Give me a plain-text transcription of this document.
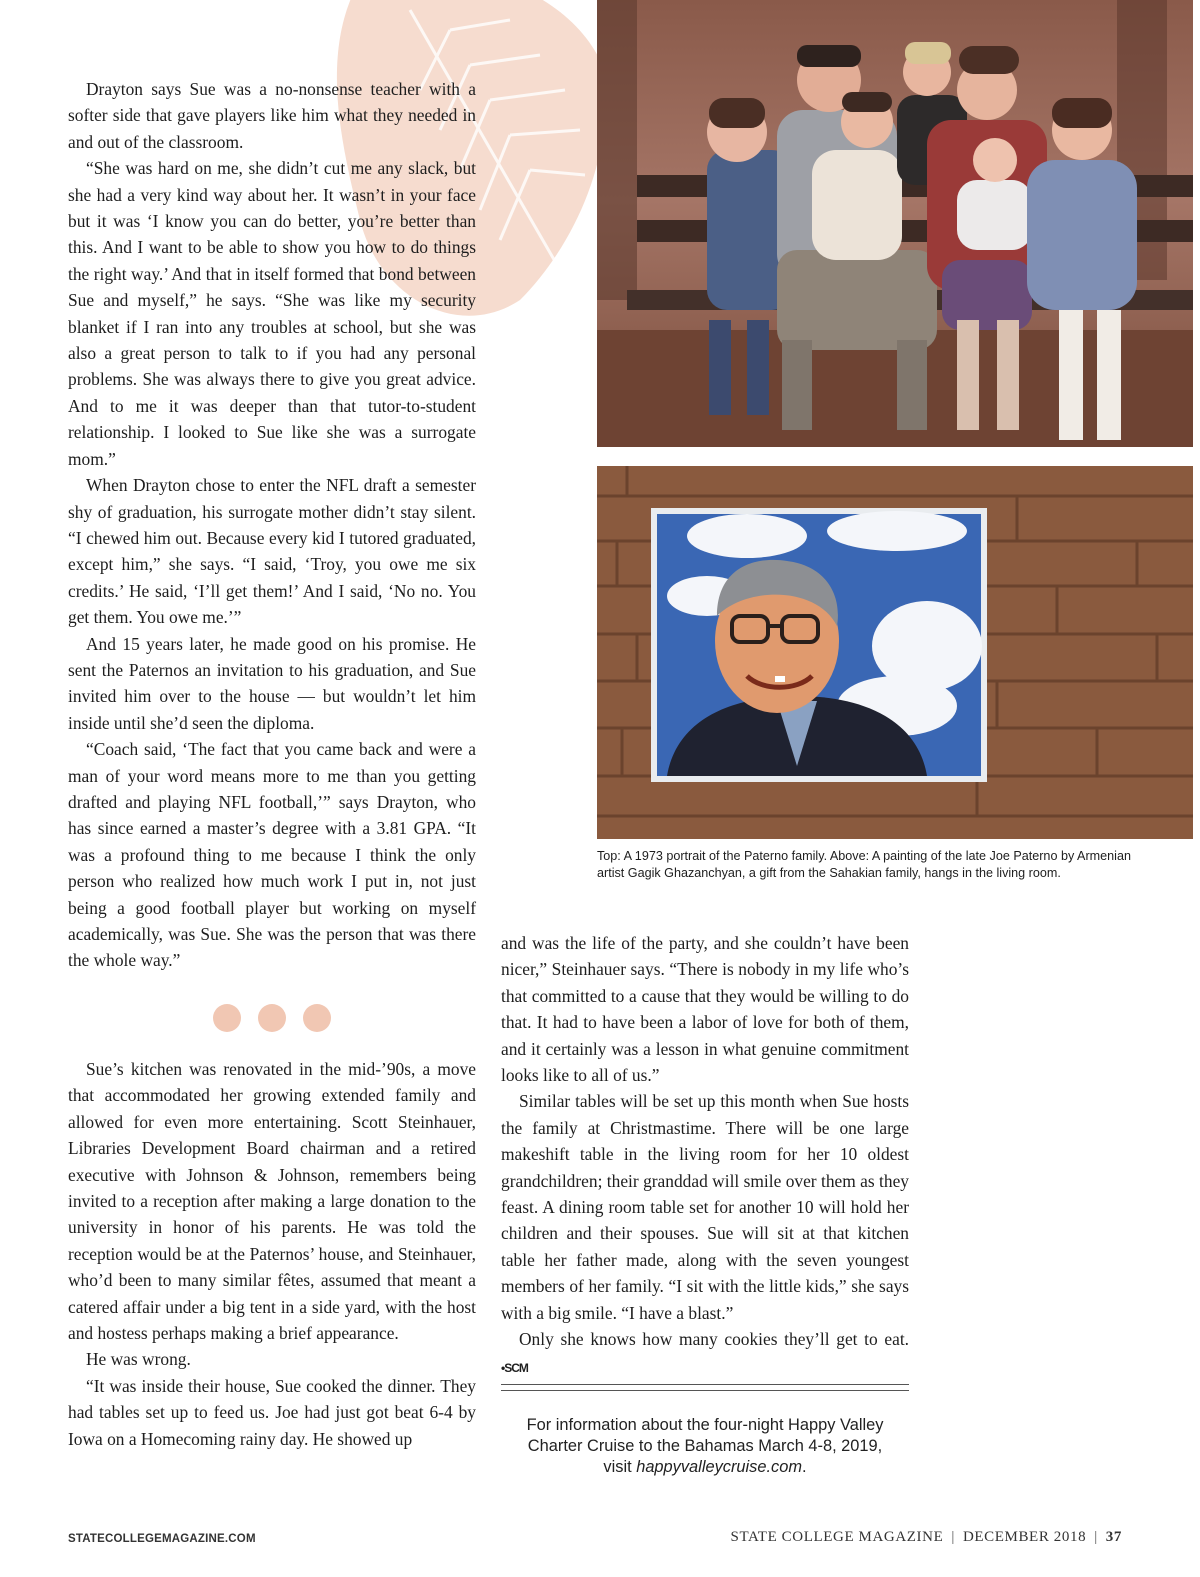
Drayton says Sue was a no-nonsense teacher with a softer side that gave players like him what they needed in and out of the classroom.

“She was hard on me, she didn’t cut me any slack, but she had a very kind way about her. It wasn’t in your face but it was ‘I know you can do better, you’re better than this. And I want to be able to show you how to do things the right way.’ And that in itself formed that bond between Sue and myself,” he says. “She was like my security blanket if I ran into any troubles at school, but she was also a great person to talk to if you had any personal problems. She was always there to give you great advice. And to me it was deeper than that tutor-to-student relationship. I looked to Sue like she was a surrogate mom.”

When Drayton chose to enter the NFL draft a semester shy of graduation, his surrogate mother didn’t stay silent. “I chewed him out. Because every kid I tutored graduated, except him,” she says. “I said, ‘Troy, you owe me six credits.’ He said, ‘I’ll get them!’ And I said, ‘No no. You get them. You owe me.’”

And 15 years later, he made good on his promise. He sent the Paternos an invitation to his graduation, and Sue invited him over to the house — but wouldn’t let him inside until she’d seen the diploma.

“Coach said, ‘The fact that you came back and were a man of your word means more to me than you getting drafted and playing NFL football,’” says Drayton, who has since earned a master’s degree with a 3.81 GPA. “It was a profound thing to me because I think the only person who realized how much work I put in, not just being a good football player but working on myself academically, was Sue. She was the person that was there the whole way.”

Sue’s kitchen was renovated in the mid-’90s, a move that accommodated her growing extended family and allowed for even more entertaining. Scott Steinhauer, Libraries Development Board chairman and a retired executive with Johnson & Johnson, remembers being invited to a reception after making a large donation to the university in honor of his parents. He was told the reception would be at the Paternos’ house, and Steinhauer, who’d been to many similar fêtes, assumed that meant a catered affair under a big tent in a side yard, with the host and hostess perhaps making a brief appearance.

He was wrong.

“It was inside their house, Sue cooked the dinner. They had tables set up to feed us. Joe had just got beat 6-4 by Iowa on a Homecoming rainy day. He showed up

and was the life of the party, and she couldn’t have been nicer,” Steinhauer says. “There is nobody in my life who’s that committed to a cause that they would be willing to do that. It had to have been a labor of love for both of them, and it certainly was a lesson in what genuine commitment looks like to all of us.”

Similar tables will be set up this month when Sue hosts the family at Christmastime. There will be one large makeshift table in the living room for her 10 oldest grandchildren; their granddad will smile over them as they feast. A dining room table set for another 10 will hold her children and their spouses. Sue will sit at that kitchen table her father made, along with the seven youngest members of her family. “I sit with the little kids,” she says with a big smile. “I have a blast.”

Only she knows how many cookies they’ll get to eat. •SCM

Top: A 1973 portrait of the Paterno family. Above: A painting of the late Joe Paterno by Armenian artist Gagik Ghazanchyan, a gift from the Sahakian family, hangs in the living room.
For information about the four-night Happy Valley
Charter Cruise to the Bahamas March 4-8, 2019,
visit happyvalleycruise.com.
STATECOLLEGEMAGAZINE.COM	STATE COLLEGE MAGAZINE | DECEMBER 2018 | 37
